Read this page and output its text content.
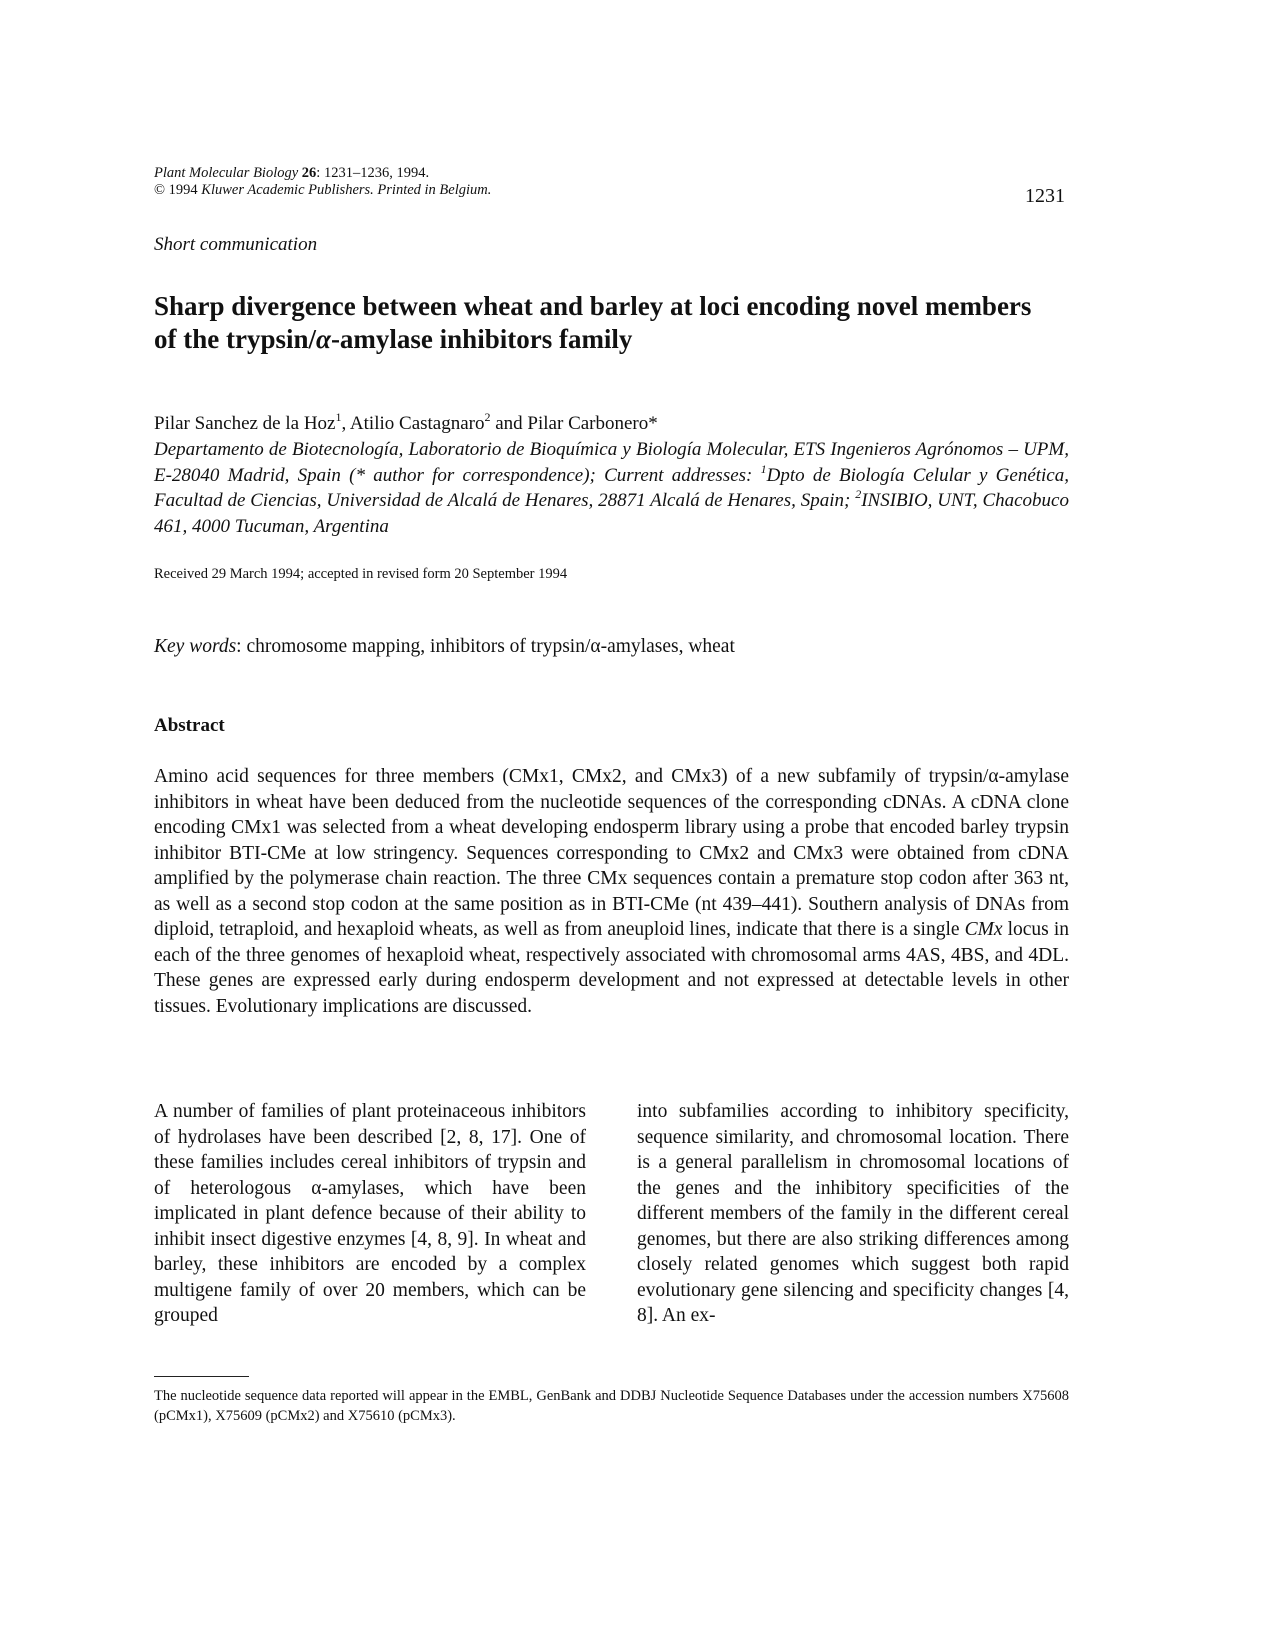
Plant Molecular Biology 26: 1231–1236, 1994.
© 1994 Kluwer Academic Publishers. Printed in Belgium.	1231
Short communication
Sharp divergence between wheat and barley at loci encoding novel members of the trypsin/α-amylase inhibitors family
Pilar Sanchez de la Hoz$^1$, Atilio Castagnaro$^2$ and Pilar Carbonero*
Departamento de Biotecnología, Laboratorio de Bioquímica y Biología Molecular, ETS Ingenieros Agrónomos – UPM, E-28040 Madrid, Spain (* author for correspondence); Current addresses: $^1$Dpto de Biología Celular y Genética, Facultad de Ciencias, Universidad de Alcalá de Henares, 28871 Alcalá de Henares, Spain; $^2$INSIBIO, UNT, Chacobuco 461, 4000 Tucuman, Argentina
Received 29 March 1994; accepted in revised form 20 September 1994
Key words: chromosome mapping, inhibitors of trypsin/α-amylases, wheat
Abstract

Amino acid sequences for three members (CMx1, CMx2, and CMx3) of a new subfamily of trypsin/α-amylase inhibitors in wheat have been deduced from the nucleotide sequences of the corresponding cDNAs. A cDNA clone encoding CMx1 was selected from a wheat developing endosperm library using a probe that encoded barley trypsin inhibitor BTI-CMe at low stringency. Sequences corresponding to CMx2 and CMx3 were obtained from cDNA amplified by the polymerase chain reaction. The three CMx sequences contain a premature stop codon after 363 nt, as well as a second stop codon at the same position as in BTI-CMe (nt 439–441). Southern analysis of DNAs from diploid, tetraploid, and hexaploid wheats, as well as from aneuploid lines, indicate that there is a single CMx locus in each of the three genomes of hexaploid wheat, respectively associated with chromosomal arms 4AS, 4BS, and 4DL. These genes are expressed early during endosperm development and not expressed at detectable levels in other tissues. Evolutionary implications are discussed.

A number of families of plant proteinaceous inhibitors of hydrolases have been described [2, 8, 17]. One of these families includes cereal inhibitors of trypsin and of heterologous α-amylases, which have been implicated in plant defence because of their ability to inhibit insect digestive enzymes [4, 8, 9]. In wheat and barley, these inhibitors are encoded by a complex multigene family of over 20 members, which can be grouped

into subfamilies according to inhibitory specificity, sequence similarity, and chromosomal location. There is a general parallelism in chromosomal locations of the genes and the inhibitory specificities of the different members of the family in the different cereal genomes, but there are also striking differences among closely related genomes which suggest both rapid evolutionary gene silencing and specificity changes [4, 8]. An ex-

The nucleotide sequence data reported will appear in the EMBL, GenBank and DDBJ Nucleotide Sequence Databases under the accession numbers X75608 (pCMx1), X75609 (pCMx2) and X75610 (pCMx3).
